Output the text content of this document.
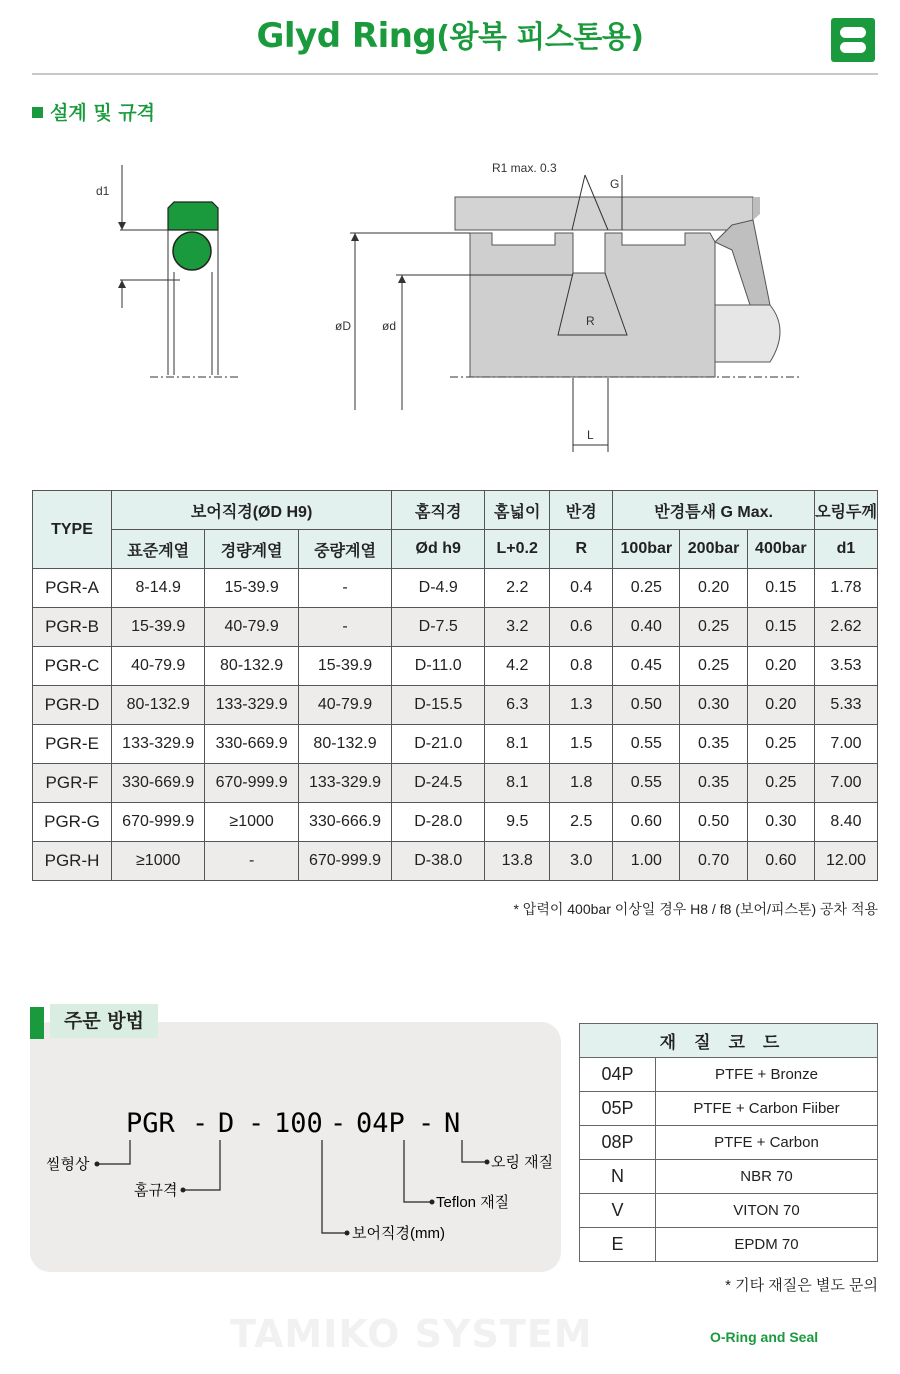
Glyd Ring(왕복 피스톤용)
설계 및 규격
d1
øD	ød
R1 max. 0.3
G
R
L
TYPE	보어직경(ØD H9)			홈직경	홈넓이	반경	반경틈새 G Max.			오링두께
	표준계열	경량계열	중량계열	Ød h9	L+0.2	R	100bar	200bar	400bar	d1
PGR-A	8-14.9	15-39.9	-	D-4.9	2.2	0.4	0.25	0.20	0.15	1.78
PGR-B	15-39.9	40-79.9	-	D-7.5	3.2	0.6	0.40	0.25	0.15	2.62
PGR-C	40-79.9	80-132.9	15-39.9	D-11.0	4.2	0.8	0.45	0.25	0.20	3.53
PGR-D	80-132.9	133-329.9	40-79.9	D-15.5	6.3	1.3	0.50	0.30	0.20	5.33
PGR-E	133-329.9	330-669.9	80-132.9	D-21.0	8.1	1.5	0.55	0.35	0.25	7.00
PGR-F	330-669.9	670-999.9	133-329.9	D-24.5	8.1	1.8	0.55	0.35	0.25	7.00
PGR-G	670-999.9	≥1000	330-666.9	D-28.0	9.5	2.5	0.60	0.50	0.30	8.40
PGR-H	≥1000	-	670-999.9	D-38.0	13.8	3.0	1.00	0.70	0.60	12.00
* 압력이 400bar 이상일 경우 H8 / f8 (보어/피스톤) 공차 적용
주문 방법
PGR - D - 100 - 04P - N
씰형상
홈규격
보어직경(mm)
Teflon 재질
오링 재질
재질코드	
04P	PTFE + Bronze
05P	PTFE + Carbon Fiiber
08P	PTFE + Carbon
N	NBR 70
V	VITON 70
E	EPDM 70
* 기타 재질은 별도 문의
TAMIKO SYSTEM	O-Ring and Seal
